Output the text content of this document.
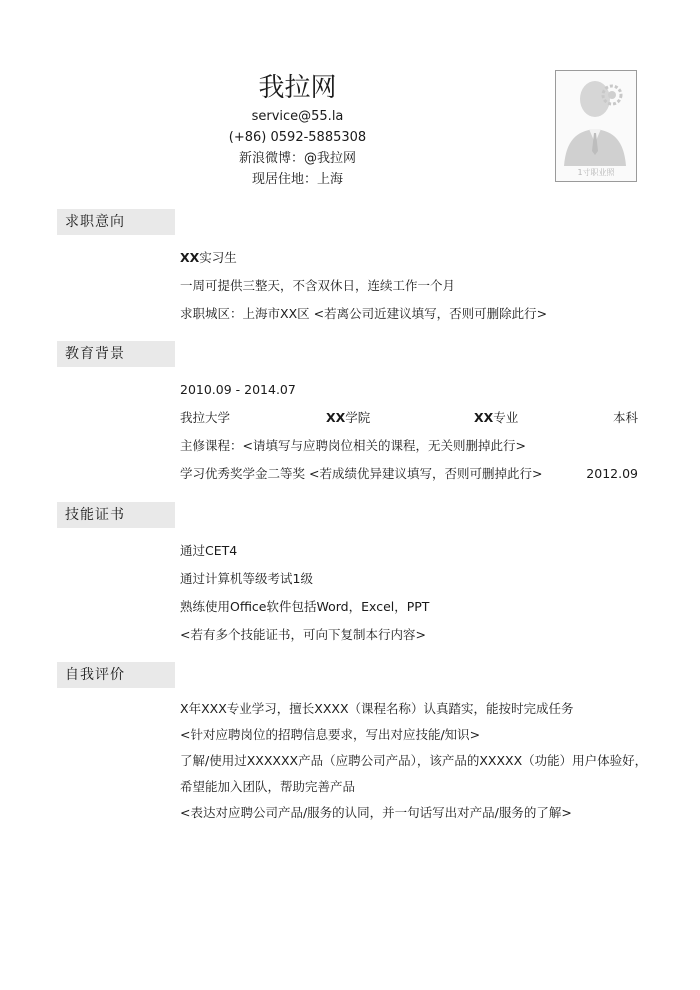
我拉网
service@55.la
(+86) 0592-5885308
新浪微博：@我拉网
现居住地：上海	1寸职业照
求职意向
XX实习生
一周可提供三整天，不含双休日，连续工作一个月
求职城区：上海市XX区 <若离公司近建议填写，否则可删除此行>
教育背景
2010.09 - 2014.07
我拉大学	XX学院	XX专业	本科
主修课程：<请填写与应聘岗位相关的课程，无关则删掉此行>
学习优秀奖学金二等奖 <若成绩优异建议填写，否则可删掉此行>	2012.09
技能证书
通过CET4
通过计算机等级考试1级
熟练使用Office软件包括Word，Excel，PPT
<若有多个技能证书，可向下复制本行内容>
自我评价
X年XXX专业学习，擅长XXXX（课程名称）认真踏实，能按时完成任务
<针对应聘岗位的招聘信息要求，写出对应技能/知识>
了解/使用过XXXXXX产品（应聘公司产品），该产品的XXXXX（功能）用户体验好，
希望能加入团队，帮助完善产品
<表达对应聘公司产品/服务的认同，并一句话写出对产品/服务的了解>
